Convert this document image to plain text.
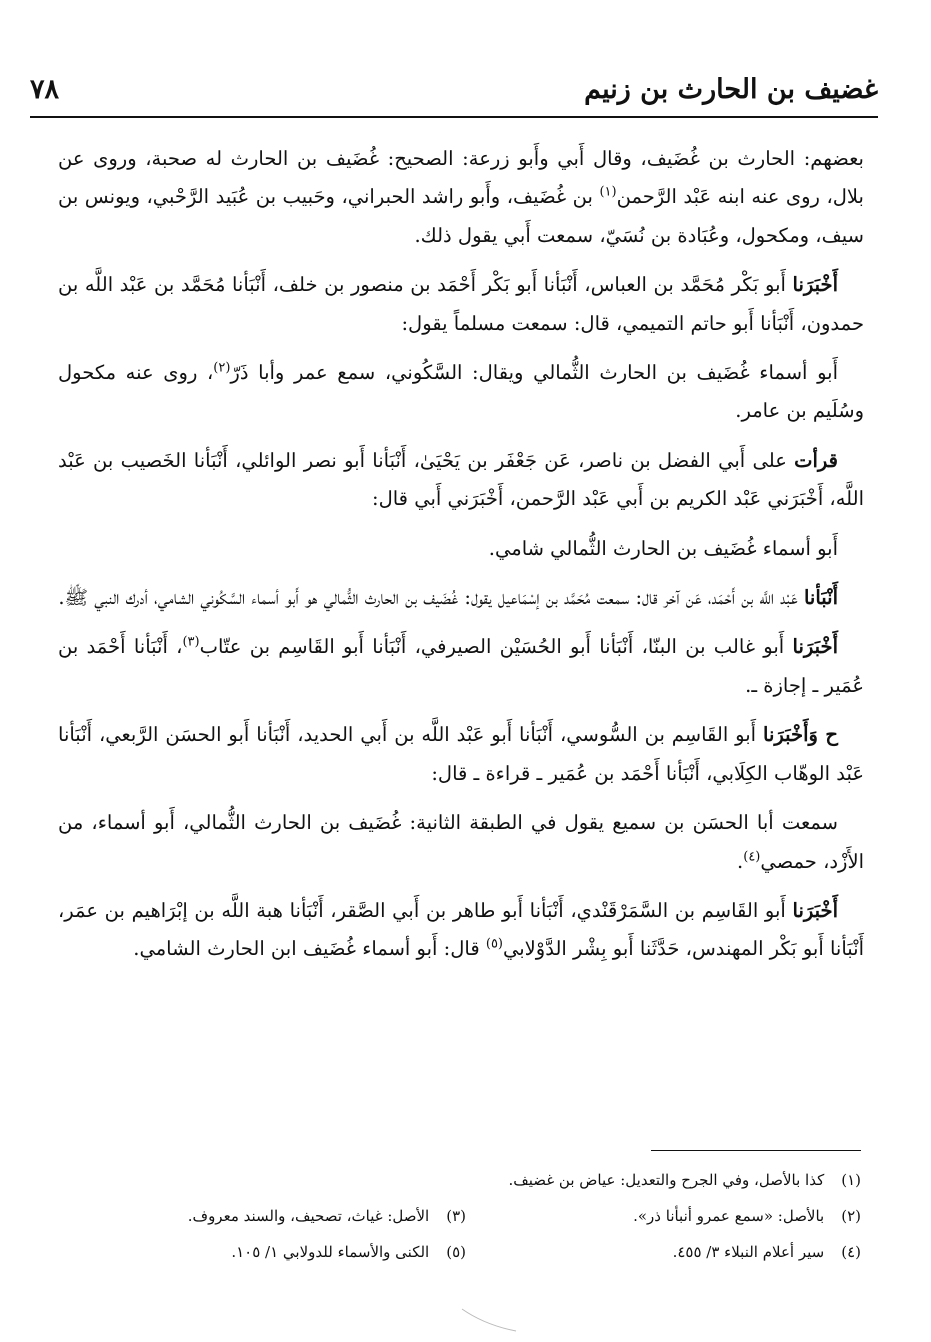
غضيف بن الحارث بن زنيم
٧٨

بعضهم: الحارث بن غُضَيف، وقال أَبي وأَبو زرعة: الصحيح: غُضَيف بن الحارث له صحبة، وروى عن بلال، روى عنه ابنه عَبْد الرَّحمن$^{(١)}$ بن غُضَيف، وأَبو راشد الحبراني، وحَبيب بن عُبَيد الرَّحْبي، ويونس بن سيف، ومكحول، وعُبَادة بن نُسَيّ، سمعت أَبي يقول ذلك.

أَخْبَرَنا أَبو بَكْر مُحَمَّد بن العباس، أَنْبَأنا أَبو بَكْر أَحْمَد بن منصور بن خلف، أَنْبَأنا مُحَمَّد بن عَبْد اللَّه بن حمدون، أَنْبَأنا أَبو حاتم التميمي، قال: سمعت مسلماً يقول:

أَبو أسماء غُضَيف بن الحارث الثُّمالي ويقال: السَّكُوني، سمع عمر وأبا ذَرّ$^{(٢)}$، روى عنه مكحول وسُلَيم بن عامر.

قرأت على أَبي الفضل بن ناصر، عَن جَعْفَر بن يَحْيَىٰ، أَنْبَأنا أَبو نصر الوائلي، أَنْبَأنا الخَصيب بن عَبْد اللَّه، أَخْبَرَني عَبْد الكريم بن أَبي عَبْد الرَّحمن، أَخْبَرَني أَبي قال:

أَبو أسماء غُضَيف بن الحارث الثُّمالي شامي.

أَنْبَأنا عَبْد اللَّه بن أَحْمَد، عَن آخر قال: سمعت مُحَمَّد بن إسْمَاعيل يقول: غُضَيف بن الحارث الثُّمالي هو أَبو أسماء السَّكُوني الشامي، أدرك النبي ﷺ.

أَخْبَرَنا أَبو غالب بن البنّا، أَنْبَأنا أَبو الحُسَيْن الصيرفي، أَنْبَأنا أَبو القَاسِم بن عتّاب$^{(٣)}$، أَنْبَأنا أَحْمَد بن عُمَير ـ إجازة ـ.

ح وَأَخْبَرَنا أَبو القَاسِم بن السُّوسي، أَنْبَأنا أَبو عَبْد اللَّه بن أَبي الحديد، أَنْبَأنا أَبو الحسَن الرَّبعي، أَنْبَأنا عَبْد الوهّاب الكِلَابي، أَنْبَأنا أَحْمَد بن عُمَير ـ قراءة ـ قال:

سمعت أبا الحسَن بن سميع يقول في الطبقة الثانية: غُضَيف بن الحارث الثُّمالي، أَبو أسماء، من الأَزْد، حمصي$^{(٤)}$.

أَخْبَرَنا أَبو القَاسِم بن السَّمَرْقَنْدي، أَنْبَأنا أَبو طاهر بن أَبي الصَّقر، أَنْبَأنا هبة اللَّه بن إبْرَاهيم بن عمَر، أَنْبَأنا أَبو بَكْر المهندس، حَدَّثَنا أَبو بِشْر الدَّوْلابي$^{(٥)}$ قال: أَبو أسماء غُضَيف ابن الحارث الشامي.

(١) كذا بالأصل، وفي الجرح والتعديل: عياض بن غضيف.
(٢) بالأصل: «سمع عمرو أنبأنا ذر».
(٣) الأصل: غياث، تصحيف، والسند معروف.
(٤) سير أعلام النبلاء ٣/ ٤٥٥.
(٥) الكنى والأسماء للدولابي ١/ ١٠٥.
